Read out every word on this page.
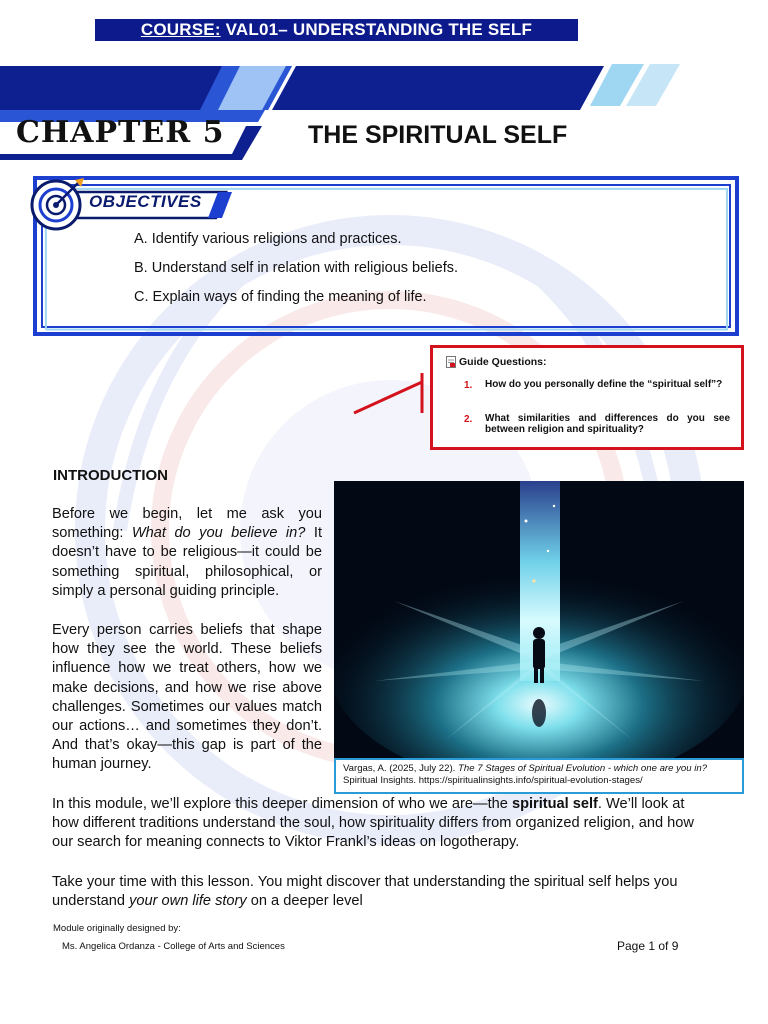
COURSE: VAL01– UNDERSTANDING THE SELF
CHAPTER 5	THE SPIRITUAL SELF
OBJECTIVES
A. Identify various religions and practices.
B. Understand self in relation with religious beliefs.
C. Explain ways of finding the meaning of life.
Guide Questions:
1. How do you personally define the “spiritual self”?
2. What similarities and differences do you see between religion and spirituality?
INTRODUCTION
Before we begin, let me ask you something: What do you believe in? It doesn’t have to be religious—it could be something spiritual, philosophical, or simply a personal guiding principle.
Every person carries beliefs that shape how they see the world. These beliefs influence how we treat others, how we make decisions, and how we rise above challenges. Sometimes our values match our actions… and sometimes they don’t. And that’s okay—this gap is part of the human journey.	Vargas, A. (2025, July 22). The 7 Stages of Spiritual Evolution - which one are you in?
Spiritual Insights. https://spiritualinsights.info/spiritual-evolution-stages/
In this module, we’ll explore this deeper dimension of who we are—the spiritual self. We’ll look at how different traditions understand the soul, how spirituality differs from organized religion, and how our search for meaning connects to Viktor Frankl’s ideas on logotherapy.
Take your time with this lesson. You might discover that understanding the spiritual self helps you understand your own life story on a deeper level
Module originally designed by:
Ms. Angelica Ordanza - College of Arts and Sciences	Page 1 of 9
